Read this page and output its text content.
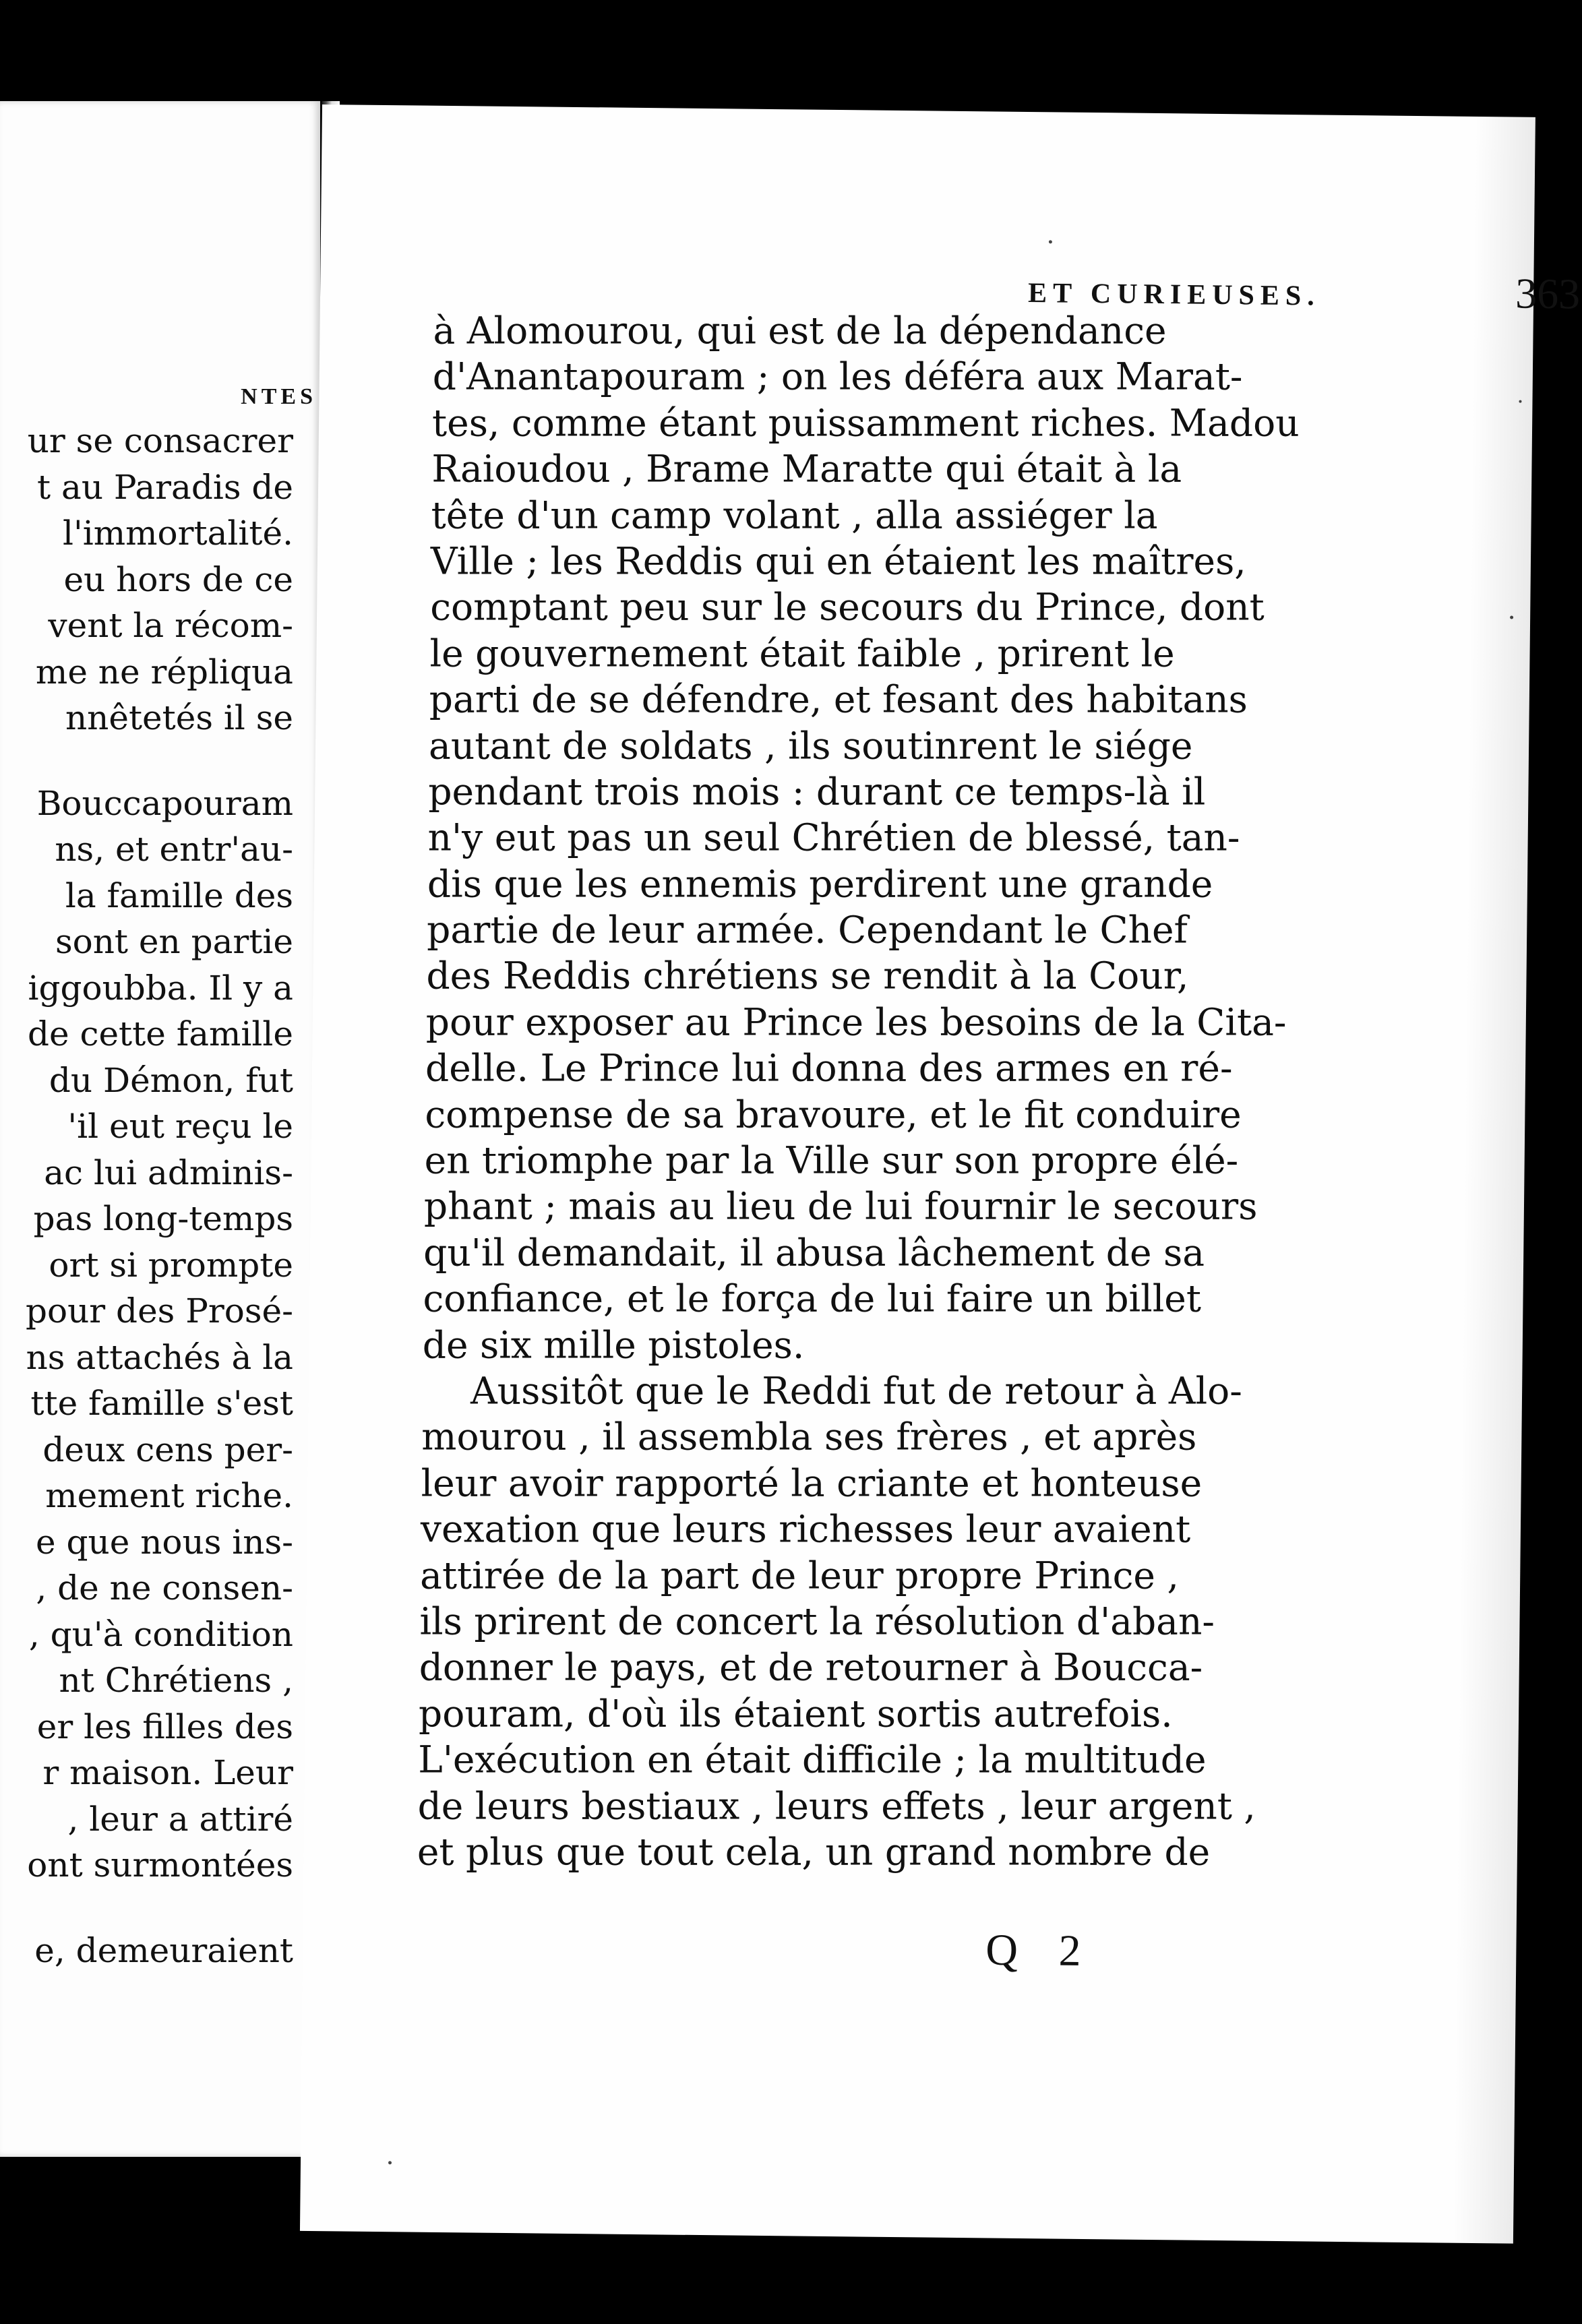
NTES
ur se consacrer
t au Paradis de
l'immortalité.
eu hors de ce
vent la récom-
me ne répliqua
nnêtetés il se
Bouccapouram
ns, et entr'au-
la famille des
sont en partie
iggoubba. Il y a
de cette famille
du Démon, fut
'il eut reçu le
ac lui adminis-
pas long-temps
ort si prompte
pour des Prosé-
ns attachés à la
tte famille s'est
deux cens per-
mement riche.
e que nous ins-
, de ne consen-
, qu'à condition
nt Chrétiens ,
er les filles des
r maison. Leur
, leur a attiré
ont surmontées
e, demeuraient
ET CURIEUSES.	363
à Alomourou, qui est de la dépendance
d'Anantapouram ; on les déféra aux Marat-
tes, comme étant puissamment riches. Madou
Raioudou , Brame Maratte qui était à la
tête d'un camp volant , alla assiéger la
Ville ; les Reddis qui en étaient les maîtres,
comptant peu sur le secours du Prince, dont
le gouvernement était faible , prirent le
parti de se défendre, et fesant des habitans
autant de soldats , ils soutinrent le siége
pendant trois mois : durant ce temps-là il
n'y eut pas un seul Chrétien de blessé, tan-
dis que les ennemis perdirent une grande
partie de leur armée. Cependant le Chef
des Reddis chrétiens se rendit à la Cour,
pour exposer au Prince les besoins de la Cita-
delle. Le Prince lui donna des armes en ré-
compense de sa bravoure, et le fit conduire
en triomphe par la Ville sur son propre élé-
phant ; mais au lieu de lui fournir le secours
qu'il demandait, il abusa lâchement de sa
confiance, et le força de lui faire un billet
de six mille pistoles.
Aussitôt que le Reddi fut de retour à Alo-
mourou , il assembla ses frères , et après
leur avoir rapporté la criante et honteuse
vexation que leurs richesses leur avaient
attirée de la part de leur propre Prince ,
ils prirent de concert la résolution d'aban-
donner le pays, et de retourner à Boucca-
pouram, d'où ils étaient sortis autrefois.
L'exécution en était difficile ; la multitude
de leurs bestiaux , leurs effets , leur argent ,
et plus que tout cela, un grand nombre de
Q 2
